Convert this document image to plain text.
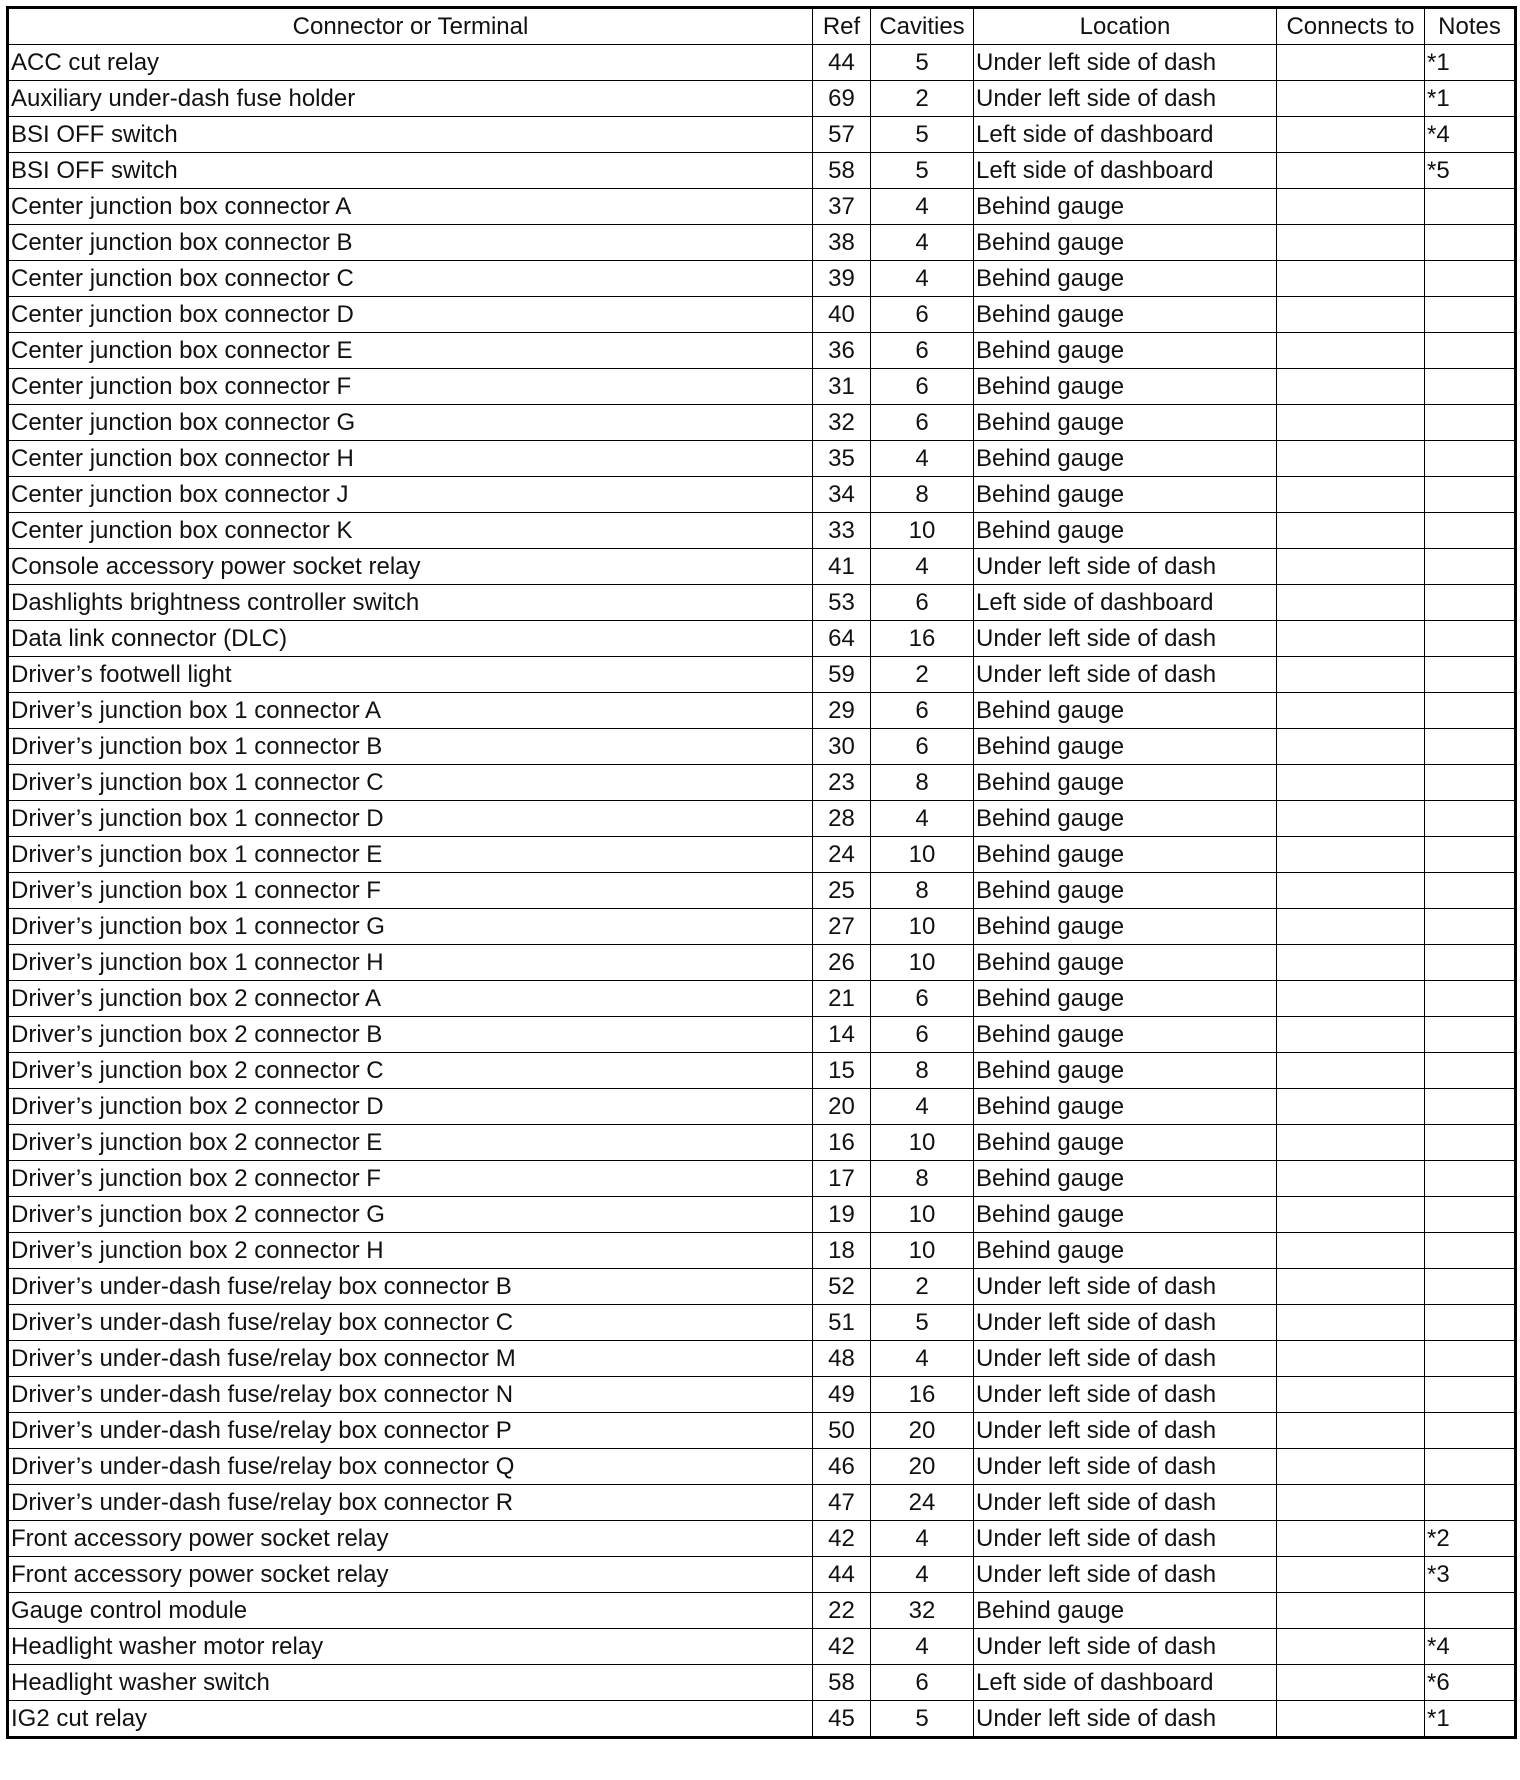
Connector or Terminal	Ref	Cavities	Location	Connects to	Notes
ACC cut relay	44	5	Under left side of dash		*1
Auxiliary under-dash fuse holder	69	2	Under left side of dash		*1
BSI OFF switch	57	5	Left side of dashboard		*4
BSI OFF switch	58	5	Left side of dashboard		*5
Center junction box connector A	37	4	Behind gauge		
Center junction box connector B	38	4	Behind gauge		
Center junction box connector C	39	4	Behind gauge		
Center junction box connector D	40	6	Behind gauge		
Center junction box connector E	36	6	Behind gauge		
Center junction box connector F	31	6	Behind gauge		
Center junction box connector G	32	6	Behind gauge		
Center junction box connector H	35	4	Behind gauge		
Center junction box connector J	34	8	Behind gauge		
Center junction box connector K	33	10	Behind gauge		
Console accessory power socket relay	41	4	Under left side of dash		
Dashlights brightness controller switch	53	6	Left side of dashboard		
Data link connector (DLC)	64	16	Under left side of dash		
Driver’s footwell light	59	2	Under left side of dash		
Driver’s junction box 1 connector A	29	6	Behind gauge		
Driver’s junction box 1 connector B	30	6	Behind gauge		
Driver’s junction box 1 connector C	23	8	Behind gauge		
Driver’s junction box 1 connector D	28	4	Behind gauge		
Driver’s junction box 1 connector E	24	10	Behind gauge		
Driver’s junction box 1 connector F	25	8	Behind gauge		
Driver’s junction box 1 connector G	27	10	Behind gauge		
Driver’s junction box 1 connector H	26	10	Behind gauge		
Driver’s junction box 2 connector A	21	6	Behind gauge		
Driver’s junction box 2 connector B	14	6	Behind gauge		
Driver’s junction box 2 connector C	15	8	Behind gauge		
Driver’s junction box 2 connector D	20	4	Behind gauge		
Driver’s junction box 2 connector E	16	10	Behind gauge		
Driver’s junction box 2 connector F	17	8	Behind gauge		
Driver’s junction box 2 connector G	19	10	Behind gauge		
Driver’s junction box 2 connector H	18	10	Behind gauge		
Driver’s under-dash fuse/relay box connector B	52	2	Under left side of dash		
Driver’s under-dash fuse/relay box connector C	51	5	Under left side of dash		
Driver’s under-dash fuse/relay box connector M	48	4	Under left side of dash		
Driver’s under-dash fuse/relay box connector N	49	16	Under left side of dash		
Driver’s under-dash fuse/relay box connector P	50	20	Under left side of dash		
Driver’s under-dash fuse/relay box connector Q	46	20	Under left side of dash		
Driver’s under-dash fuse/relay box connector R	47	24	Under left side of dash		
Front accessory power socket relay	42	4	Under left side of dash		*2
Front accessory power socket relay	44	4	Under left side of dash		*3
Gauge control module	22	32	Behind gauge		
Headlight washer motor relay	42	4	Under left side of dash		*4
Headlight washer switch	58	6	Left side of dashboard		*6
IG2 cut relay	45	5	Under left side of dash		*1
